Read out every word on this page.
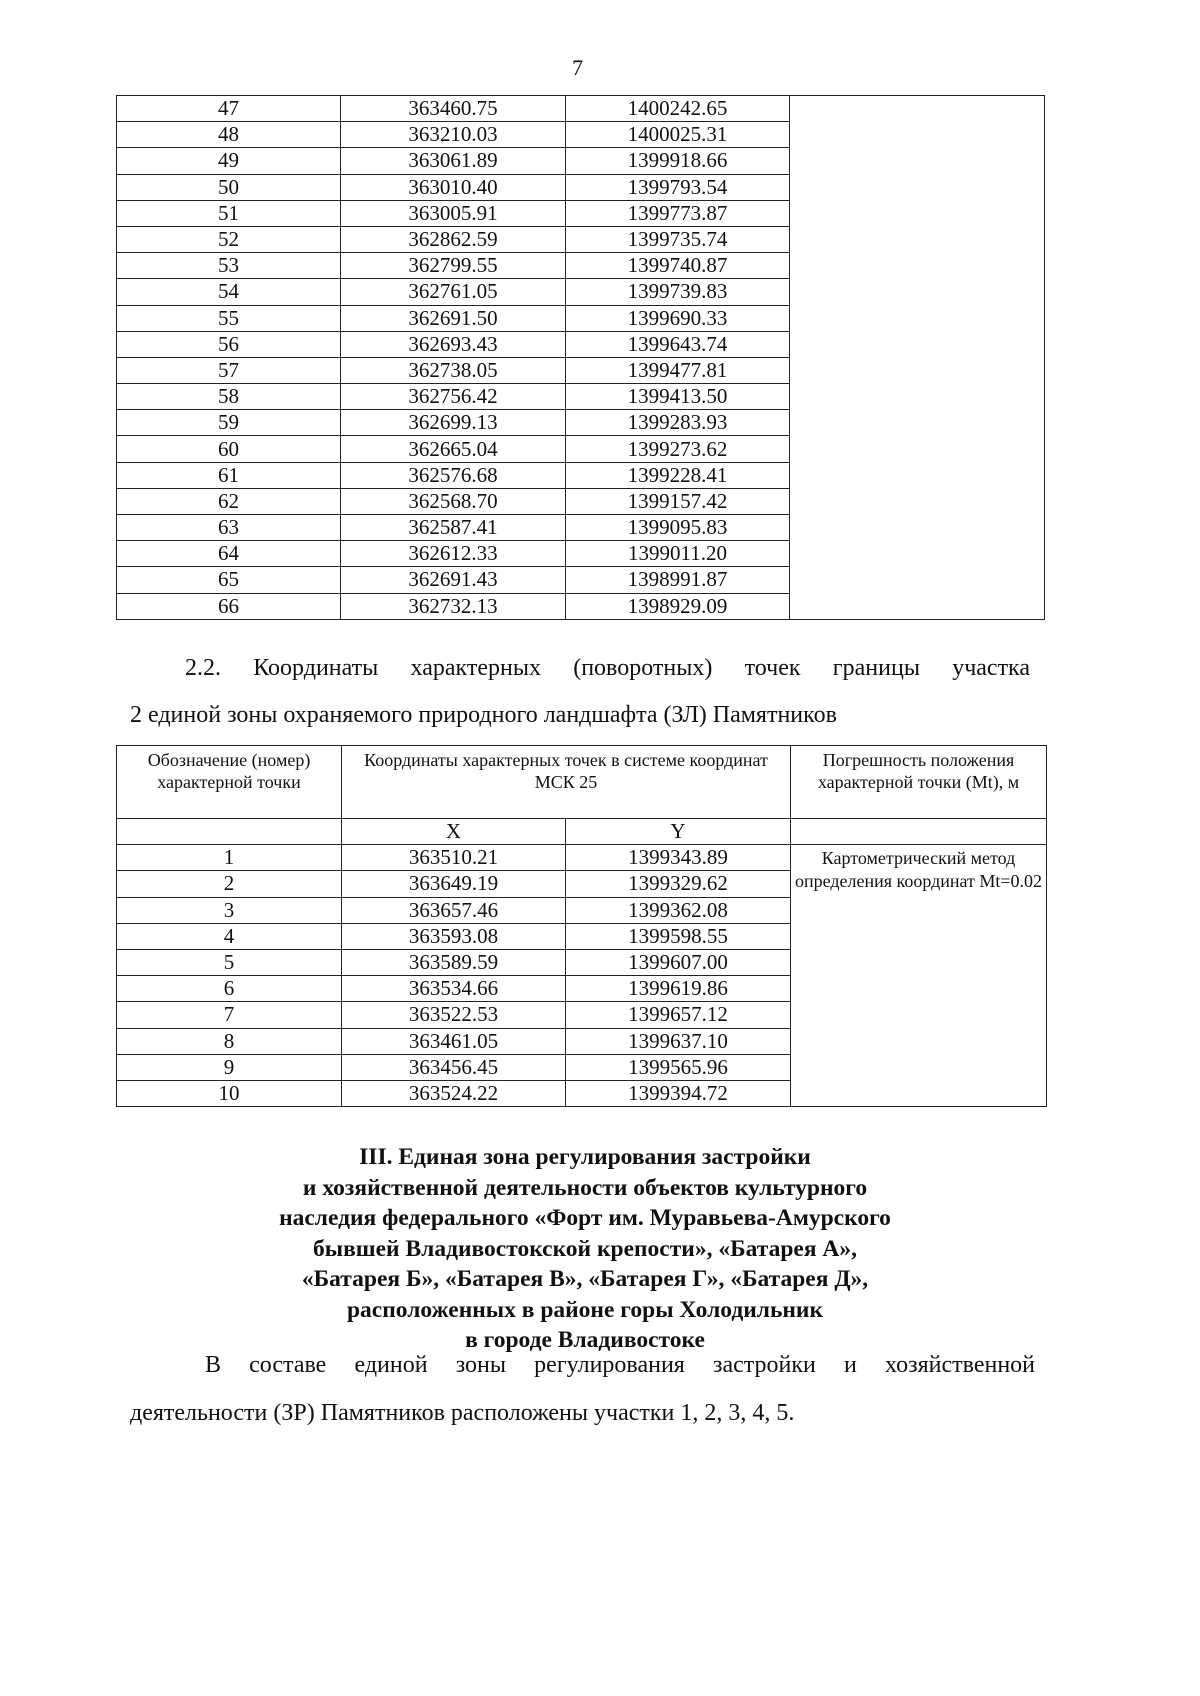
7
47	363460.75	1400242.65	
48	363210.03	1400025.31	
49	363061.89	1399918.66	
50	363010.40	1399793.54	
51	363005.91	1399773.87	
52	362862.59	1399735.74	
53	362799.55	1399740.87	
54	362761.05	1399739.83	
55	362691.50	1399690.33	
56	362693.43	1399643.74	
57	362738.05	1399477.81	
58	362756.42	1399413.50	
59	362699.13	1399283.93	
60	362665.04	1399273.62	
61	362576.68	1399228.41	
62	362568.70	1399157.42	
63	362587.41	1399095.83	
64	362612.33	1399011.20	
65	362691.43	1398991.87	
66	362732.13	1398929.09	
2.2. Координаты характерных (поворотных) точек границы участка
2 единой зоны охраняемого природного ландшафта (ЗЛ) Памятников
Обозначение (номер) характерной точки	Координаты характерных точек в системе координат МСК 25		Погрешность положения характерной точки (Mt), м
	X	Y	
1	363510.21	1399343.89	Картометрический метод определения координат Mt=0.02
2	363649.19	1399329.62	
3	363657.46	1399362.08	
4	363593.08	1399598.55	
5	363589.59	1399607.00	
6	363534.66	1399619.86	
7	363522.53	1399657.12	
8	363461.05	1399637.10	
9	363456.45	1399565.96	
10	363524.22	1399394.72	
III. Единая зона регулирования застройки
и хозяйственной деятельности объектов культурного
наследия федерального «Форт им. Муравьева-Амурского
бывшей Владивостокской крепости», «Батарея А»,
«Батарея Б», «Батарея В», «Батарея Г», «Батарея Д»,
расположенных в районе горы Холодильник
в городе Владивостоке
В составе единой зоны регулирования застройки и хозяйственной
деятельности (ЗР) Памятников расположены участки 1, 2, 3, 4, 5.
